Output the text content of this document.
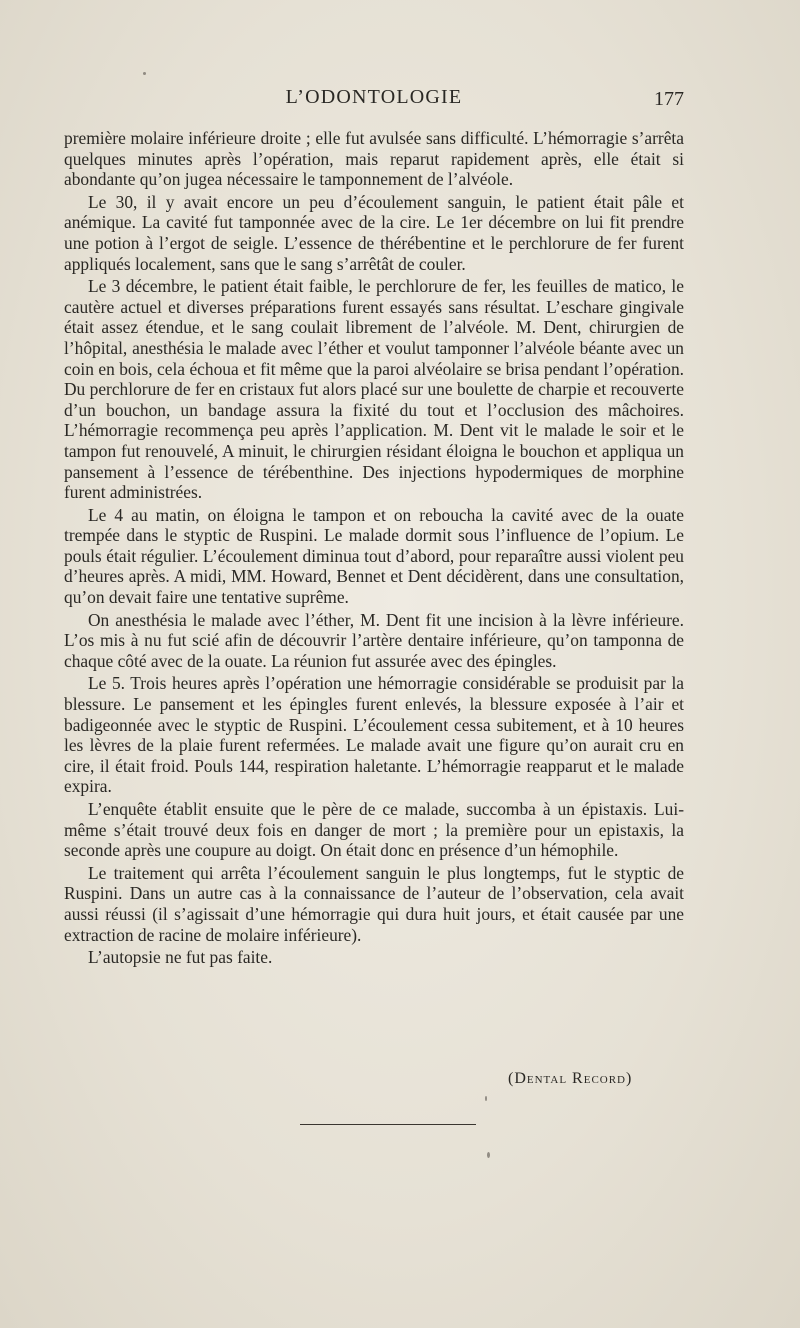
L’ODONTOLOGIE	177

première molaire inférieure droite ; elle fut avulsée sans difficulté. L’hémorragie s’arrêta quelques minutes après l’opération, mais reparut rapidement après, elle était si abondante qu’on jugea nécessaire le tamponnement de l’alvéole.

Le 30, il y avait encore un peu d’écoulement sanguin, le patient était pâle et anémique. La cavité fut tamponnée avec de la cire. Le 1er décembre on lui fit prendre une potion à l’ergot de seigle. L’essence de thérébentine et le perchlorure de fer furent appliqués localement, sans que le sang s’arrêtât de couler.

Le 3 décembre, le patient était faible, le perchlorure de fer, les feuilles de matico, le cautère actuel et diverses préparations furent essayés sans résultat. L’eschare gingivale était assez étendue, et le sang coulait librement de l’alvéole. M. Dent, chirurgien de l’hôpital, anesthésia le malade avec l’éther et voulut tamponner l’alvéole béante avec un coin en bois, cela échoua et fit même que la paroi alvéolaire se brisa pendant l’opération. Du perchlorure de fer en cristaux fut alors placé sur une boulette de charpie et recouverte d’un bouchon, un bandage assura la fixité du tout et l’occlusion des mâchoires. L’hémorragie recommença peu après l’application. M. Dent vit le malade le soir et le tampon fut renouvelé, A minuit, le chirurgien résidant éloigna le bouchon et appliqua un pansement à l’essence de térébenthine. Des injections hypodermiques de morphine furent administrées.

Le 4 au matin, on éloigna le tampon et on reboucha la cavité avec de la ouate trempée dans le styptic de Ruspini. Le malade dormit sous l’influence de l’opium. Le pouls était régulier. L’écoulement diminua tout d’abord, pour reparaître aussi violent peu d’heures après. A midi, MM. Howard, Bennet et Dent décidèrent, dans une consultation, qu’on devait faire une tentative suprême.

On anesthésia le malade avec l’éther, M. Dent fit une incision à la lèvre inférieure. L’os mis à nu fut scié afin de découvrir l’artère dentaire inférieure, qu’on tamponna de chaque côté avec de la ouate. La réunion fut assurée avec des épingles.

Le 5. Trois heures après l’opération une hémorragie considérable se produisit par la blessure. Le pansement et les épingles furent enlevés, la blessure exposée à l’air et badigeonnée avec le styptic de Ruspini. L’écoulement cessa subitement, et à 10 heures les lèvres de la plaie furent refermées. Le malade avait une figure qu’on aurait cru en cire, il était froid. Pouls 144, respiration haletante. L’hémorragie reapparut et le malade expira.

L’enquête établit ensuite que le père de ce malade, succomba à un épistaxis. Lui-même s’était trouvé deux fois en danger de mort ; la première pour un epistaxis, la seconde après une coupure au doigt. On était donc en présence d’un hémophile.

Le traitement qui arrêta l’écoulement sanguin le plus longtemps, fut le styptic de Ruspini. Dans un autre cas à la connaissance de l’auteur de l’observation, cela avait aussi réussi (il s’agissait d’une hémorragie qui dura huit jours, et était causée par une extraction de racine de molaire inférieure).

L’autopsie ne fut pas faite.

(Dental Record)
